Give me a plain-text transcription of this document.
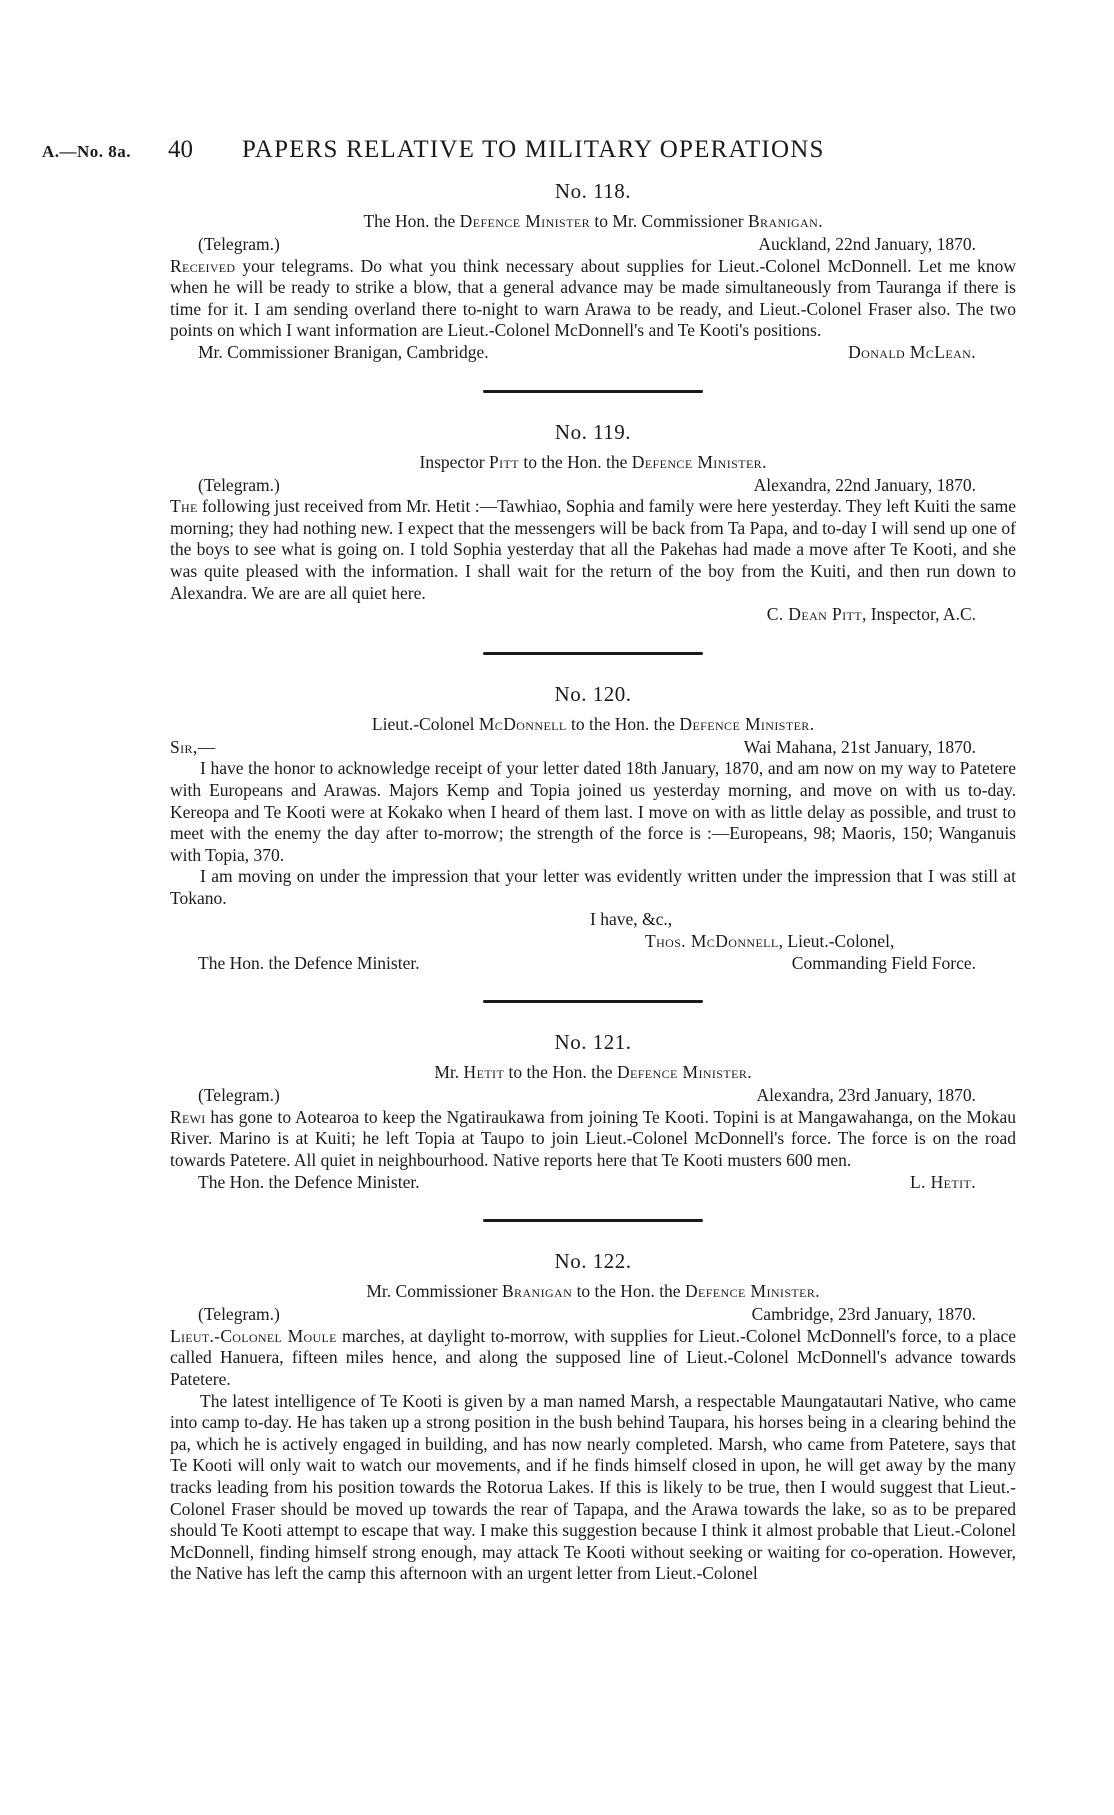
A.—No. 8a. 40 PAPERS RELATIVE TO MILITARY OPERATIONS
No. 118.
The Hon. the Defence Minister to Mr. Commissioner Branigan.
(Telegram.)	Auckland, 22nd January, 1870.

Received your telegrams. Do what you think necessary about supplies for Lieut.-Colonel McDonnell. Let me know when he will be ready to strike a blow, that a general advance may be made simultaneously from Tauranga if there is time for it. I am sending overland there to-night to warn Arawa to be ready, and Lieut.-Colonel Fraser also. The two points on which I want information are Lieut.-Colonel McDonnell's and Te Kooti's positions.

Mr. Commissioner Branigan, Cambridge.	Donald McLean.
No. 119.
Inspector Pitt to the Hon. the Defence Minister.
(Telegram.)	Alexandra, 22nd January, 1870.

The following just received from Mr. Hetit :—Tawhiao, Sophia and family were here yesterday. They left Kuiti the same morning; they had nothing new. I expect that the messengers will be back from Ta Papa, and to-day I will send up one of the boys to see what is going on. I told Sophia yesterday that all the Pakehas had made a move after Te Kooti, and she was quite pleased with the information. I shall wait for the return of the boy from the Kuiti, and then run down to Alexandra. We are are all quiet here.

C. Dean Pitt, Inspector, A.C.
No. 120.
Lieut.-Colonel McDonnell to the Hon. the Defence Minister.
Sir,—	Wai Mahana, 21st January, 1870.

I have the honor to acknowledge receipt of your letter dated 18th January, 1870, and am now on my way to Patetere with Europeans and Arawas. Majors Kemp and Topia joined us yesterday morning, and move on with us to-day. Kereopa and Te Kooti were at Kokako when I heard of them last. I move on with as little delay as possible, and trust to meet with the enemy the day after to-morrow; the strength of the force is :—Europeans, 98; Maoris, 150; Wanganuis with Topia, 370.

I am moving on under the impression that your letter was evidently written under the impression that I was still at Tokano.

I have, &c.,
Thos. McDonnell, Lieut.-Colonel,
The Hon. the Defence Minister.	Commanding Field Force.
No. 121.
Mr. Hetit to the Hon. the Defence Minister.
(Telegram.)	Alexandra, 23rd January, 1870.

Rewi has gone to Aotearoa to keep the Ngatiraukawa from joining Te Kooti. Topini is at Mangawahanga, on the Mokau River. Marino is at Kuiti; he left Topia at Taupo to join Lieut.-Colonel McDonnell's force. The force is on the road towards Patetere. All quiet in neighbourhood. Native reports here that Te Kooti musters 600 men.

The Hon. the Defence Minister.	L. Hetit.
No. 122.
Mr. Commissioner Branigan to the Hon. the Defence Minister.
(Telegram.)	Cambridge, 23rd January, 1870.

Lieut.-Colonel Moule marches, at daylight to-morrow, with supplies for Lieut.-Colonel McDonnell's force, to a place called Hanuera, fifteen miles hence, and along the supposed line of Lieut.-Colonel McDonnell's advance towards Patetere.

The latest intelligence of Te Kooti is given by a man named Marsh, a respectable Maungatautari Native, who came into camp to-day. He has taken up a strong position in the bush behind Taupara, his horses being in a clearing behind the pa, which he is actively engaged in building, and has now nearly completed. Marsh, who came from Patetere, says that Te Kooti will only wait to watch our movements, and if he finds himself closed in upon, he will get away by the many tracks leading from his position towards the Rotorua Lakes. If this is likely to be true, then I would suggest that Lieut.-Colonel Fraser should be moved up towards the rear of Tapapa, and the Arawa towards the lake, so as to be prepared should Te Kooti attempt to escape that way. I make this suggestion because I think it almost probable that Lieut.-Colonel McDonnell, finding himself strong enough, may attack Te Kooti without seeking or waiting for co-operation. However, the Native has left the camp this afternoon with an urgent letter from Lieut.-Colonel
